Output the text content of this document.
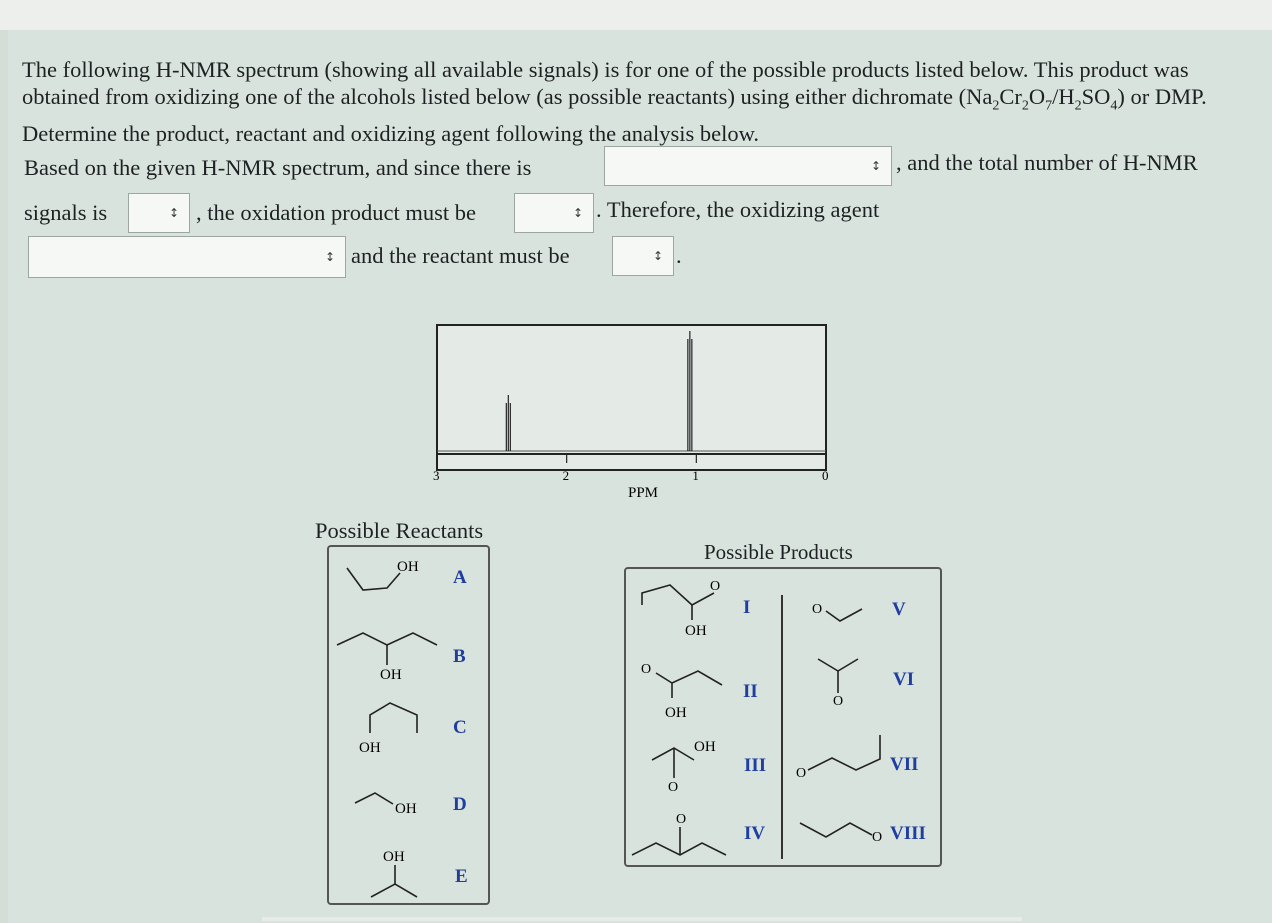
The following H-NMR spectrum (showing all available signals) is for one of the possible products listed below. This product was obtained from oxidizing one of the alcohols listed below (as possible reactants) using either dichromate $(Na_2Cr_2O_7/H_2SO_4)$ or DMP. Determine the product, reactant and oxidizing agent following the analysis below.
Based on the given H-NMR spectrum, and since there is	↕ , and the total number of H-NMR
signals is	↕ , the oxidation product must be	↕ . Therefore, the oxidizing agent
↕ and the reactant must be	↕ .
3	2	1	0
PPM
Possible Reactants
OH A
OH
B
OH
C
OH D
OH
E
Possible Products
O
OH
I
O
OH
II
OH
O
III
O
IV
O	V
O
VI
O	VII
O VIII
